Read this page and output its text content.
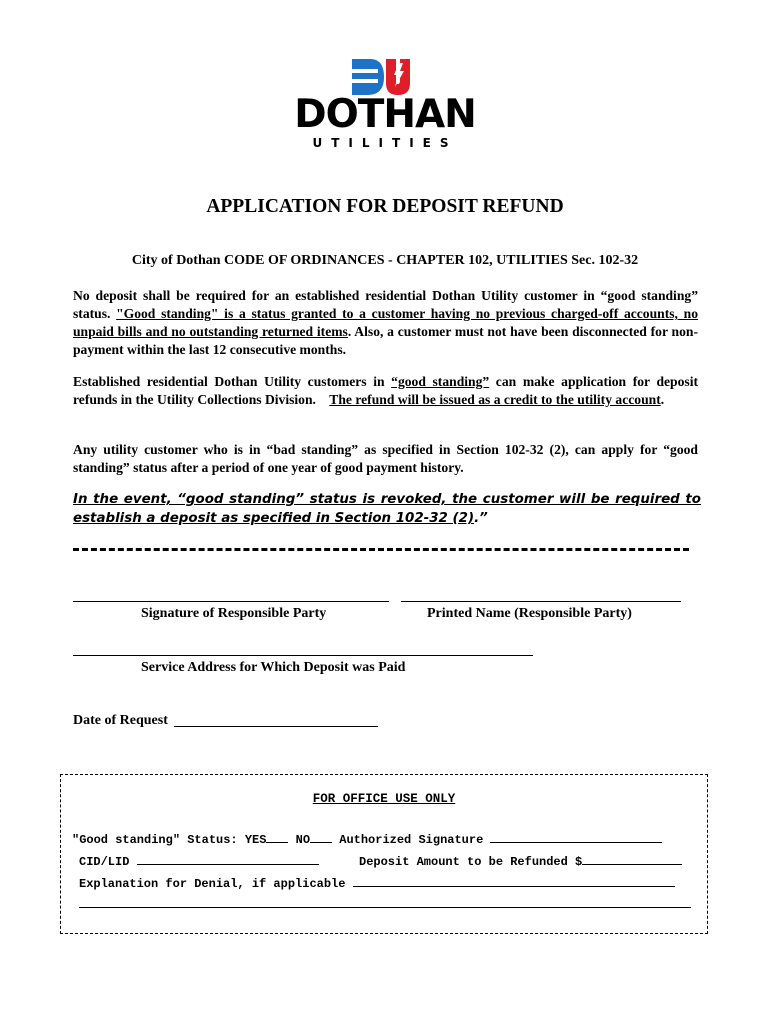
DOTHAN
UTILITIES
APPLICATION FOR DEPOSIT REFUND
City of Dothan CODE OF ORDINANCES - CHAPTER 102, UTILITIES Sec. 102-32

No deposit shall be required for an established residential Dothan Utility customer in “good standing” status. "Good standing" is a status granted to a customer having no previous charged-off accounts, no unpaid bills and no outstanding returned items. Also, a customer must not have been disconnected for non-payment within the last 12 consecutive months.

Established residential Dothan Utility customers in “good standing” can make application for deposit refunds in the Utility Collections Division.    The refund will be issued as a credit to the utility account.

Any utility customer who is in “bad standing” as specified in Section 102-32 (2), can apply for “good standing” status after a period of one year of good payment history.

In the event, “good standing” status is revoked, the customer will be required to establish a deposit as specified in Section 102-32 (2).”

Signature of Responsible Party	Printed Name (Responsible Party)
Service Address for Which Deposit was Paid
Date of Request
FOR OFFICE USE ONLY
"Good standing" Status: YES NO Authorized Signature
CID/LID	Deposit Amount to be Refunded $
Explanation for Denial, if applicable
